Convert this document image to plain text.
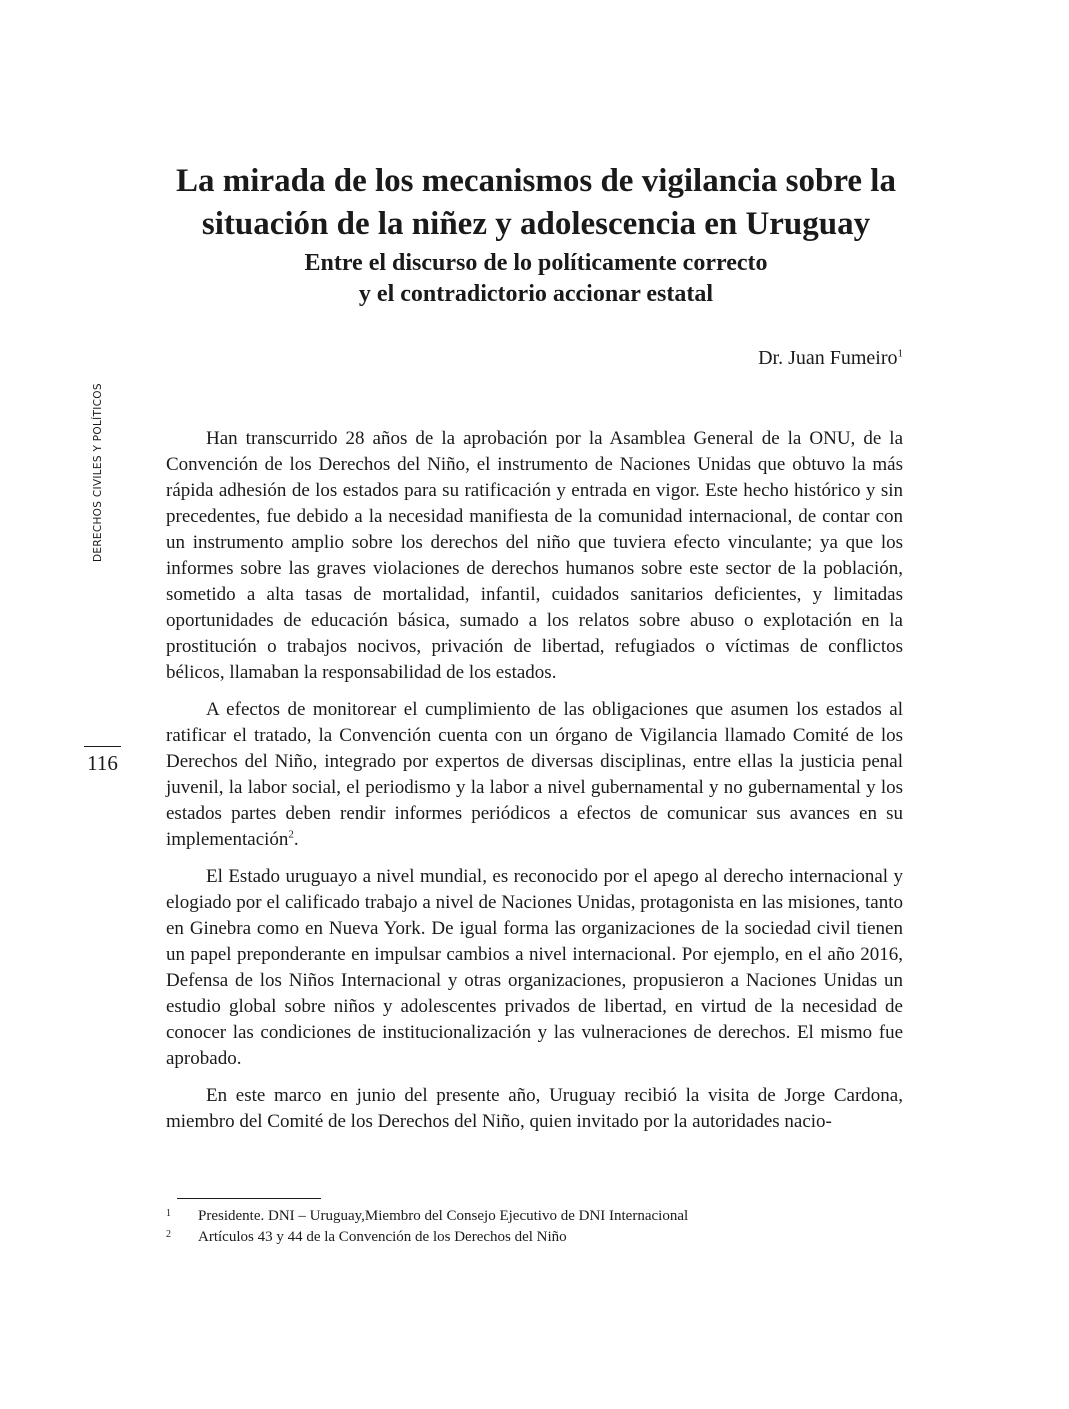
La mirada de los mecanismos de vigilancia sobre la
situación de la niñez y adolescencia en Uruguay
Entre el discurso de lo políticamente correcto
y el contradictorio accionar estatal
Dr. Juan Fumeiro$^1$
DERECHOS CIVILES Y POLÍTICOS
116

Han transcurrido 28 años de la aprobación por la Asamblea General de la ONU, de la Convención de los Derechos del Niño, el instrumento de Naciones Unidas que obtuvo la más rápida adhesión de los estados para su ratificación y entrada en vigor. Este hecho histórico y sin precedentes, fue debido a la necesidad manifiesta de la comunidad internacional, de contar con un instrumento amplio sobre los derechos del niño que tuviera efecto vinculante; ya que los informes sobre las graves violaciones de derechos humanos sobre este sector de la población, sometido a alta tasas de mortalidad, infantil, cuidados sanitarios deficientes, y limitadas oportunidades de educación básica, sumado a los relatos sobre abuso o explotación en la prostitución o trabajos nocivos, privación de libertad, refugiados o víctimas de conflictos bélicos, llamaban la responsabilidad de los estados.

A efectos de monitorear el cumplimiento de las obligaciones que asumen los estados al ratificar el tratado, la Convención cuenta con un órgano de Vigilancia llamado Comité de los Derechos del Niño, integrado por expertos de diversas disciplinas, entre ellas la justicia penal juvenil, la labor social, el periodismo y la labor a nivel gubernamental y no gubernamental y los estados partes deben rendir informes periódicos a efectos de comunicar sus avances en su implementación$^2$.

El Estado uruguayo a nivel mundial, es reconocido por el apego al derecho internacional y elogiado por el calificado trabajo a nivel de Naciones Unidas, protagonista en las misiones, tanto en Ginebra como en Nueva York. De igual forma las organizaciones de la sociedad civil tienen un papel preponderante en impulsar cambios a nivel internacional. Por ejemplo, en el año 2016, Defensa de los Niños Internacional y otras organizaciones, propusieron a Naciones Unidas un estudio global sobre niños y adolescentes privados de libertad, en virtud de la necesidad de conocer las condiciones de institucionalización y las vulneraciones de derechos. El mismo fue aprobado.

En este marco en junio del presente año, Uruguay recibió la visita de Jorge Cardona, miembro del Comité de los Derechos del Niño, quien invitado por la autoridades nacio-

1 Presidente. DNI – Uruguay,Miembro del Consejo Ejecutivo de DNI Internacional
2 Artículos 43 y 44 de la Convención de los Derechos del Niño
